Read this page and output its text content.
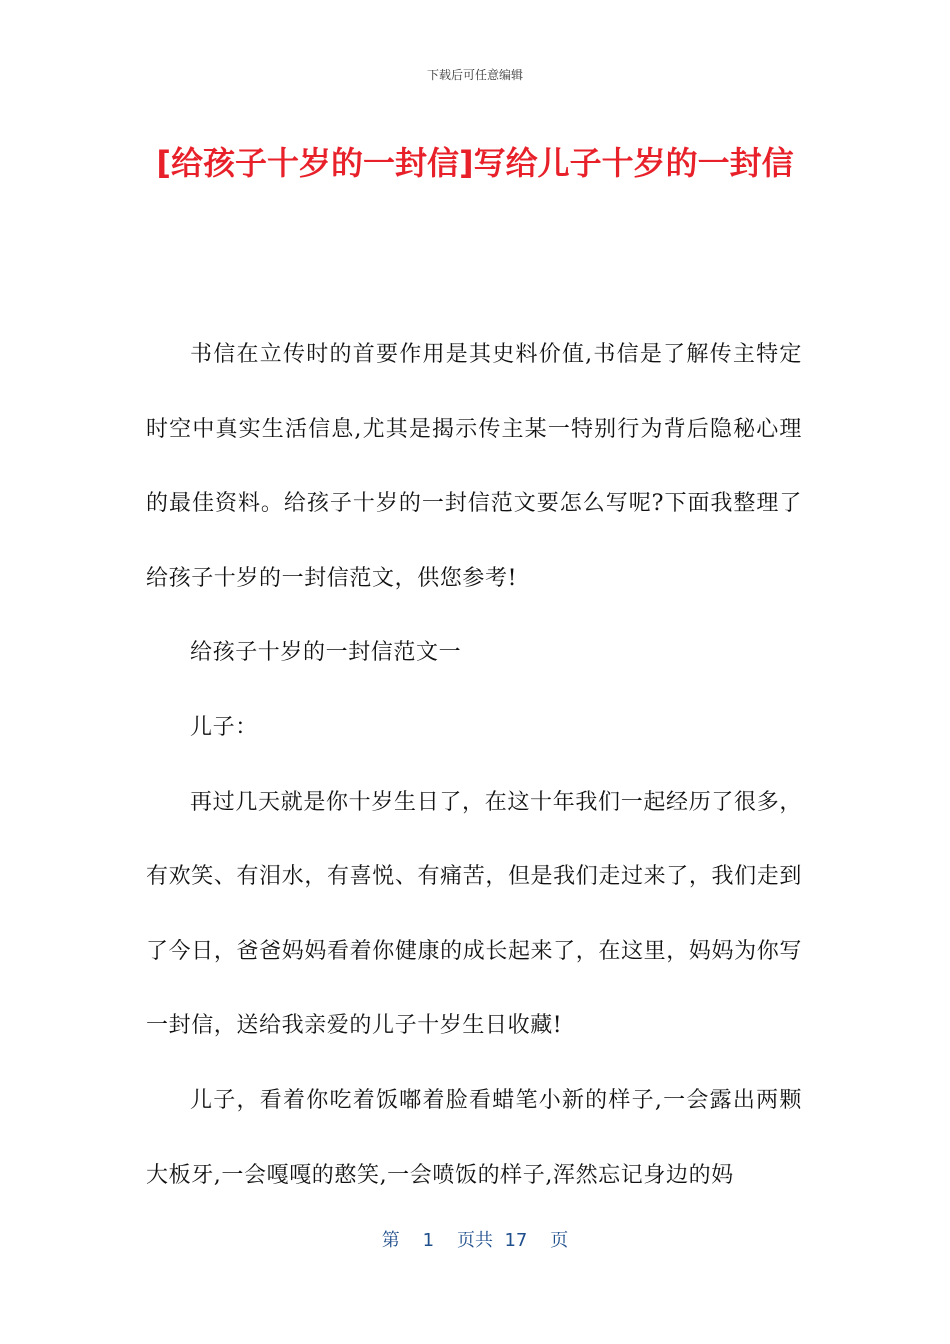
下载后可任意编辑
[给孩子十岁的一封信]写给儿子十岁的一封信

书信在立传时的首要作用是其史料价值,书信是了解传主特定时空中真实生活信息,尤其是揭示传主某一特别行为背后隐秘心理的最佳资料。给孩子十岁的一封信范文要怎么写呢?下面我整理了给孩子十岁的一封信范文，供您参考!

给孩子十岁的一封信范文一

儿子：

再过几天就是你十岁生日了，在这十年我们一起经历了很多，有欢笑、有泪水，有喜悦、有痛苦，但是我们走过来了，我们走到了今日，爸爸妈妈看着你健康的成长起来了，在这里，妈妈为你写一封信，送给我亲爱的儿子十岁生日收藏!

儿子，看着你吃着饭嘟着脸看蜡笔小新的样子,一会露出两颗大板牙,一会嘎嘎的憨笑,一会喷饭的样子,浑然忘记身边的妈

第 1 页共 17 页
